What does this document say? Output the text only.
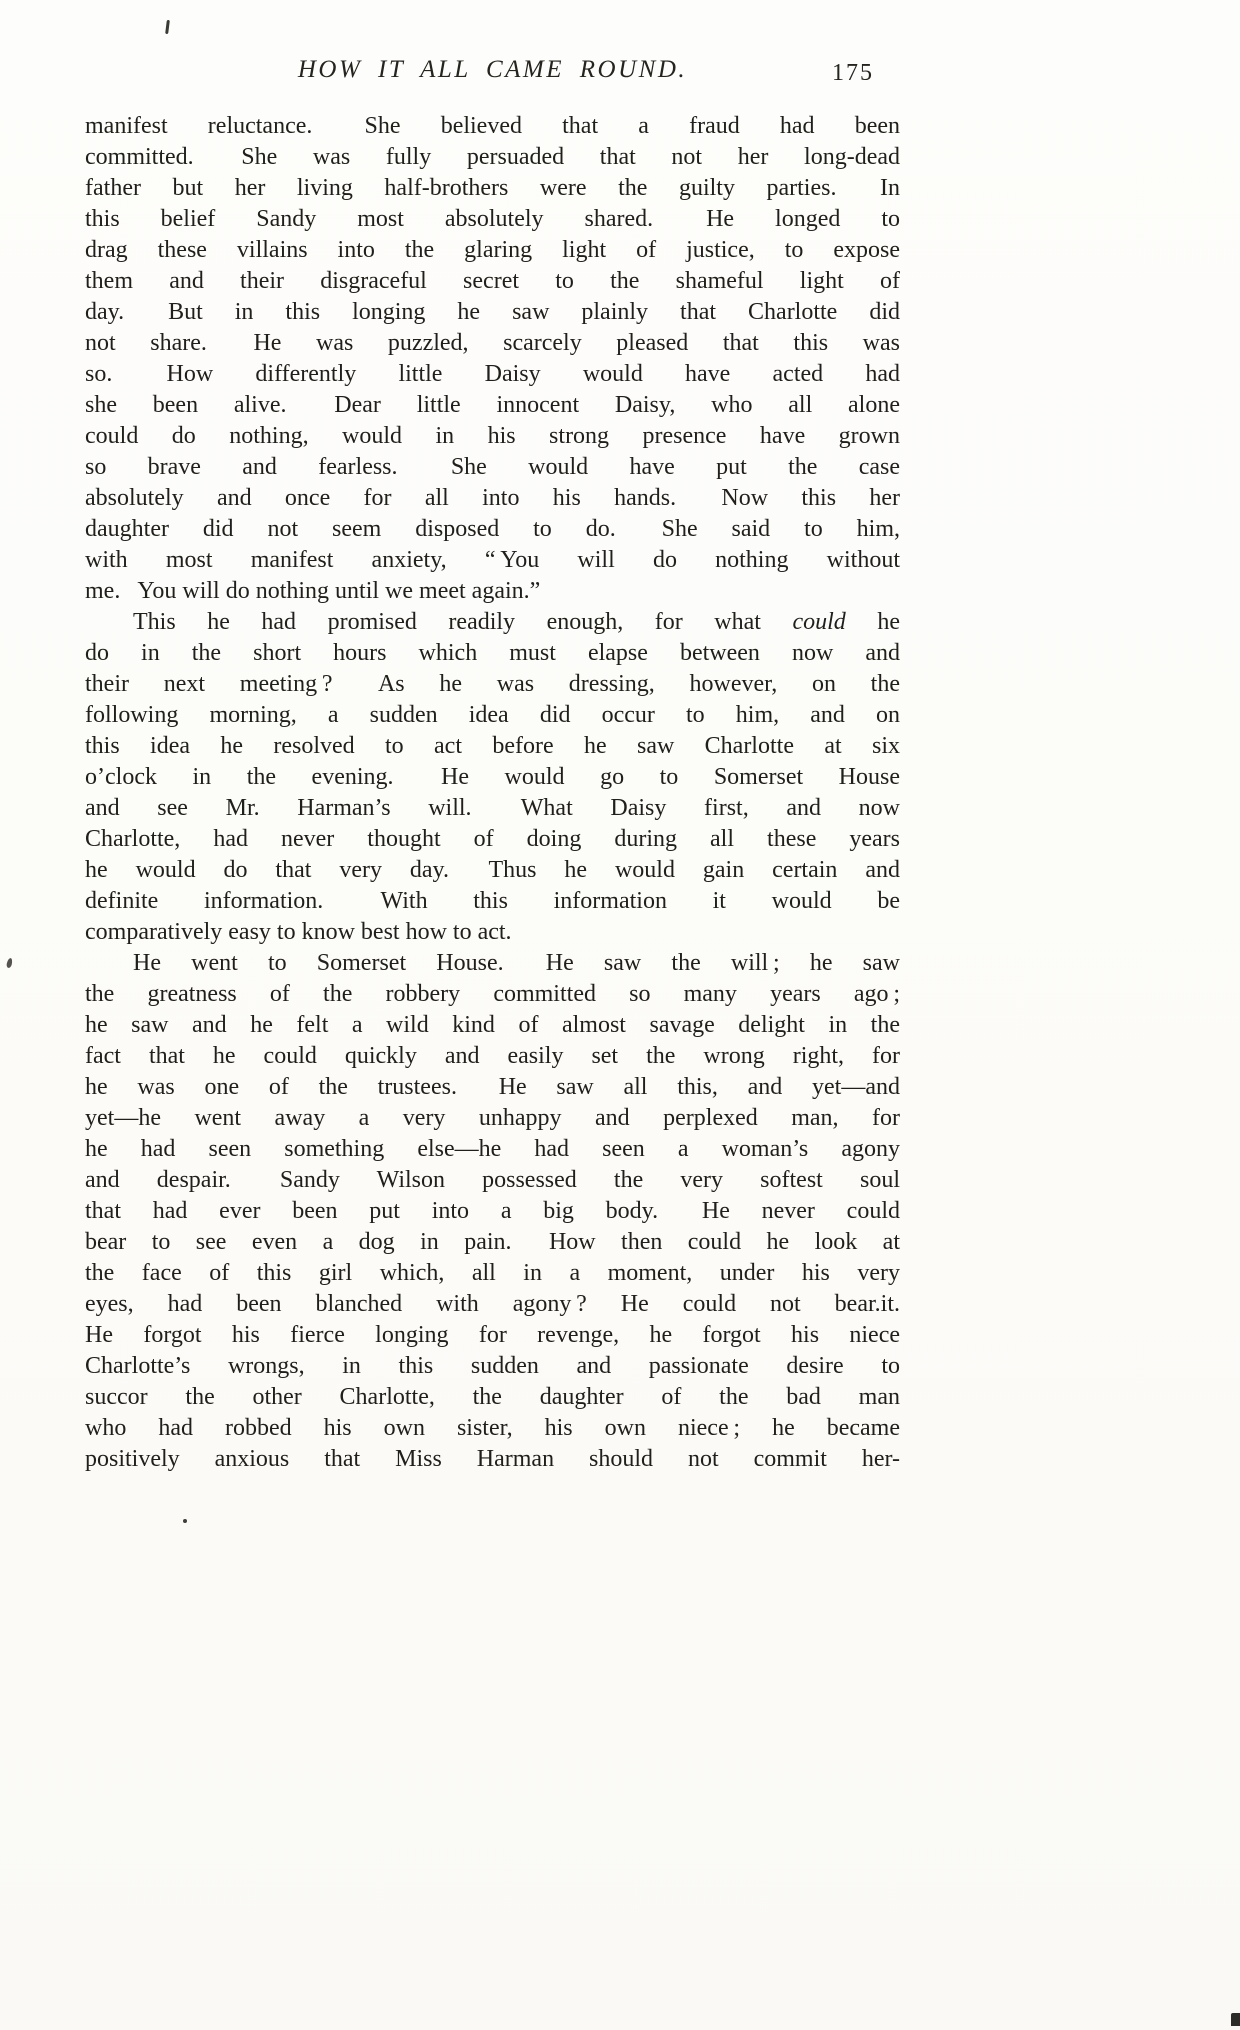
HOW IT ALL CAME ROUND.	175
manifest reluctance.  She believed that a fraud had been
committed.  She was fully persuaded that not her long-dead
father but her living half-brothers were the guilty parties.  In
this belief Sandy most absolutely shared.  He longed to
drag these villains into the glaring light of justice, to expose
them and their disgraceful secret to the shameful light of
day.  But in this longing he saw plainly that Charlotte did
not share.  He was puzzled, scarcely pleased that this was
so.  How differently little Daisy would have acted had
she been alive.  Dear little innocent Daisy, who all alone
could do nothing, would in his strong presence have grown
so brave and fearless.  She would have put the case
absolutely and once for all into his hands.  Now this her
daughter did not seem disposed to do.  She said to him,
with most manifest anxiety, “ You will do nothing without
me.  You will do nothing until we meet again.”
This he had promised readily enough, for what could he
do in the short hours which must elapse between now and
their next meeting ?  As he was dressing, however, on the
following morning, a sudden idea did occur to him, and on
this idea he resolved to act before he saw Charlotte at six
o’clock in the evening.  He would go to Somerset House
and see Mr. Harman’s will.  What Daisy first, and now
Charlotte, had never thought of doing during all these years
he would do that very day.  Thus he would gain certain and
definite information.  With this information it would be
comparatively easy to know best how to act.
He went to Somerset House.  He saw the will ; he saw
the greatness of the robbery committed so many years ago ;
he saw and he felt a wild kind of almost savage delight in the
fact that he could quickly and easily set the wrong right, for
he was one of the trustees.  He saw all this, and yet—and
yet—he went away a very unhappy and perplexed man, for
he had seen something else—he had seen a woman’s agony
and despair.  Sandy Wilson possessed the very softest soul
that had ever been put into a big body.  He never could
bear to see even a dog in pain.  How then could he look at
the face of this girl which, all in a moment, under his very
eyes, had been blanched with agony ? He could not bear.it.
He forgot his fierce longing for revenge, he forgot his niece
Charlotte’s wrongs, in this sudden and passionate desire to
succor the other Charlotte, the daughter of the bad man
who had robbed his own sister, his own niece ; he became
positively anxious that Miss Harman should not commit her-
